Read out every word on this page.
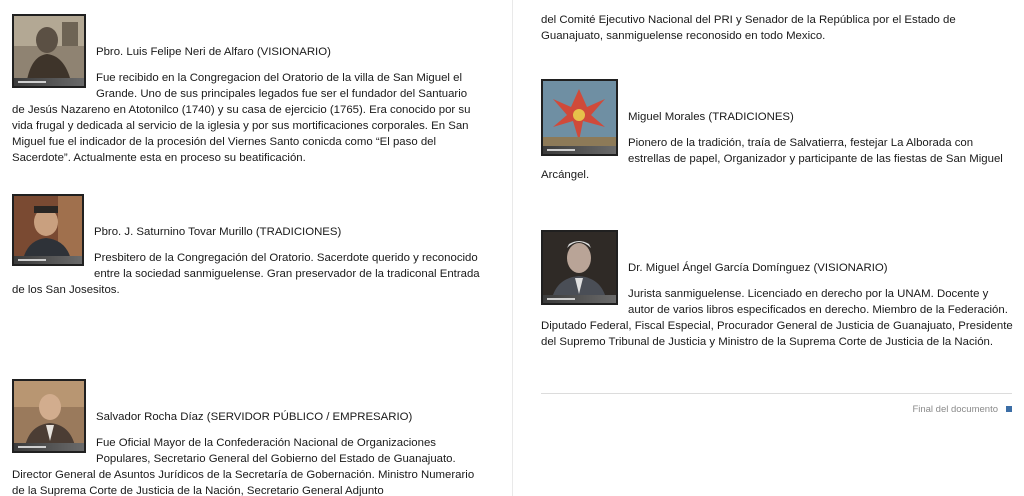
Pbro. Luis Felipe Neri de Alfaro (VISIONARIO)
Fue recibido en la Congregacion del Oratorio de la villa de San Miguel el Grande. Uno de sus principales legados fue ser el fundador del Santuario de Jesús Nazareno en Atotonilco (1740) y su casa de ejercicio (1765). Era conocido por su vida frugal y dedicada al servicio de la iglesia y por sus mortificaciones corporales. En San Miguel fue el indicador de la procesión del Viernes Santo conicda como “El paso del Sacerdote”. Actualmente esta en proceso su beatificación.
Pbro. J. Saturnino Tovar Murillo (TRADICIONES)
Presbitero de la Congregación del Oratorio. Sacerdote querido y reconocido entre la sociedad sanmiguelense. Gran preservador de la tradiconal Entrada de los San Josesitos.
Salvador Rocha Díaz (SERVIDOR PÚBLICO / EMPRESARIO)
Fue Oficial Mayor de la Confederación Nacional de Organizaciones Populares, Secretario General del Gobierno del Estado de Guanajuato. Director General de Asuntos Jurídicos de la Secretaría de Gobernación. Ministro Numerario de la Suprema Corte de Justicia de la Nación, Secretario General Adjunto
del Comité Ejecutivo Nacional del PRI y Senador de la República por el Estado de Guanajuato, sanmiguelense reconosido en todo Mexico.
Miguel Morales (TRADICIONES)
Pionero de la tradición, traía de Salvatierra, festejar La Alborada con estrellas de papel, Organizador y participante de las fiestas de San Miguel Arcángel.
Dr. Miguel Ángel García Domínguez (VISIONARIO)
Jurista sanmiguelense. Licenciado en derecho por la UNAM. Docente y autor de varios libros especificados en derecho. Miembro de la Federación. Diputado Federal, Fiscal Especial, Procurador General de Justicia de Guanajuato, Presidente del Supremo Tribunal de Justicia y Ministro de la Suprema Corte de Justicia de la Nación.
Final del documento
